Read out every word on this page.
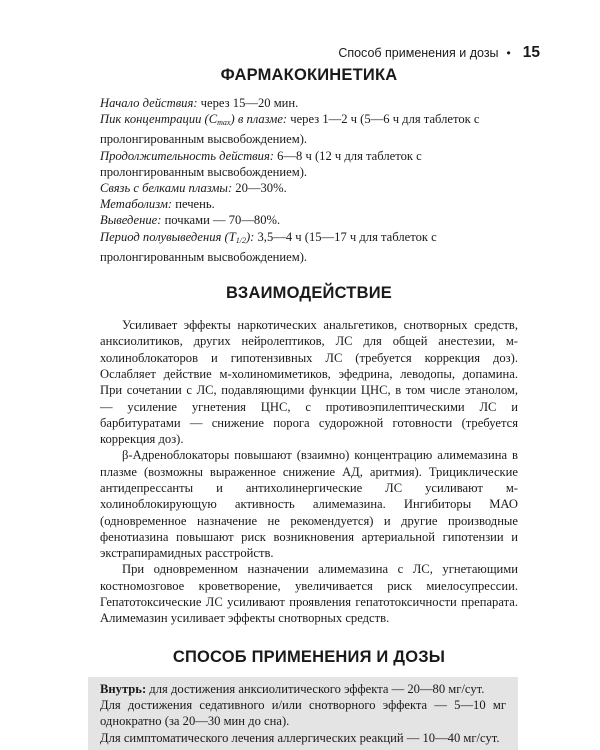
Способ применения и дозы • 15
ФАРМАКОКИНЕТИКА

Начало действия: через 15—20 мин.

Пик концентрации $(C_{max})$ в плазме: через 1—2 ч (5—6 ч для таблеток с пролонгированным высвобождением).

Продолжительность действия: 6—8 ч (12 ч для таблеток с пролонгированным высвобождением).

Связь с белками плазмы: 20—30%.

Метаболизм: печень.

Выведение: почками — 70—80%.

Период полувыведения $(T_{1/2})$: 3,5—4 ч (15—17 ч для таблеток с пролонгированным высвобождением).

ВЗАИМОДЕЙСТВИЕ

Усиливает эффекты наркотических анальгетиков, снотворных средств, анксиолитиков, других нейролептиков, ЛС для общей анестезии, м-холиноблокаторов и гипотензивных ЛС (требуется коррекция доз). Ослабляет действие м-холиномиметиков, эфедрина, леводопы, допамина. При сочетании с ЛС, подавляющими функции ЦНС, в том числе этанолом, — усиление угнетения ЦНС, с противоэпилептическими ЛС и барбитуратами — снижение порога судорожной готовности (требуется коррекция доз).

β-Адреноблокаторы повышают (взаимно) концентрацию алимемазина в плазме (возможны выраженное снижение АД, аритмия). Трициклические антидепрессанты и антихолинергические ЛС усиливают м-холиноблокирующую активность алимемазина. Ингибиторы МАО (одновременное назначение не рекомендуется) и другие производные фенотиазина повышают риск возникновения артериальной гипотензии и экстрапирамидных расстройств.

При одновременном назначении алимемазина с ЛС, угнетающими костномозговое кроветворение, увеличивается риск миелосупрессии. Гепатотоксические ЛС усиливают проявления гепатотоксичности препарата. Алимемазин усиливает эффекты снотворных средств.

СПОСОБ ПРИМЕНЕНИЯ И ДОЗЫ

Внутрь: для достижения анксиолитического эффекта — 20—80 мг/сут.

Для достижения седативного и/или снотворного эффекта — 5—10 мг однократно (за 20—30 мин до сна).

Для симптоматического лечения аллергических реакций — 10—40 мг/сут.
